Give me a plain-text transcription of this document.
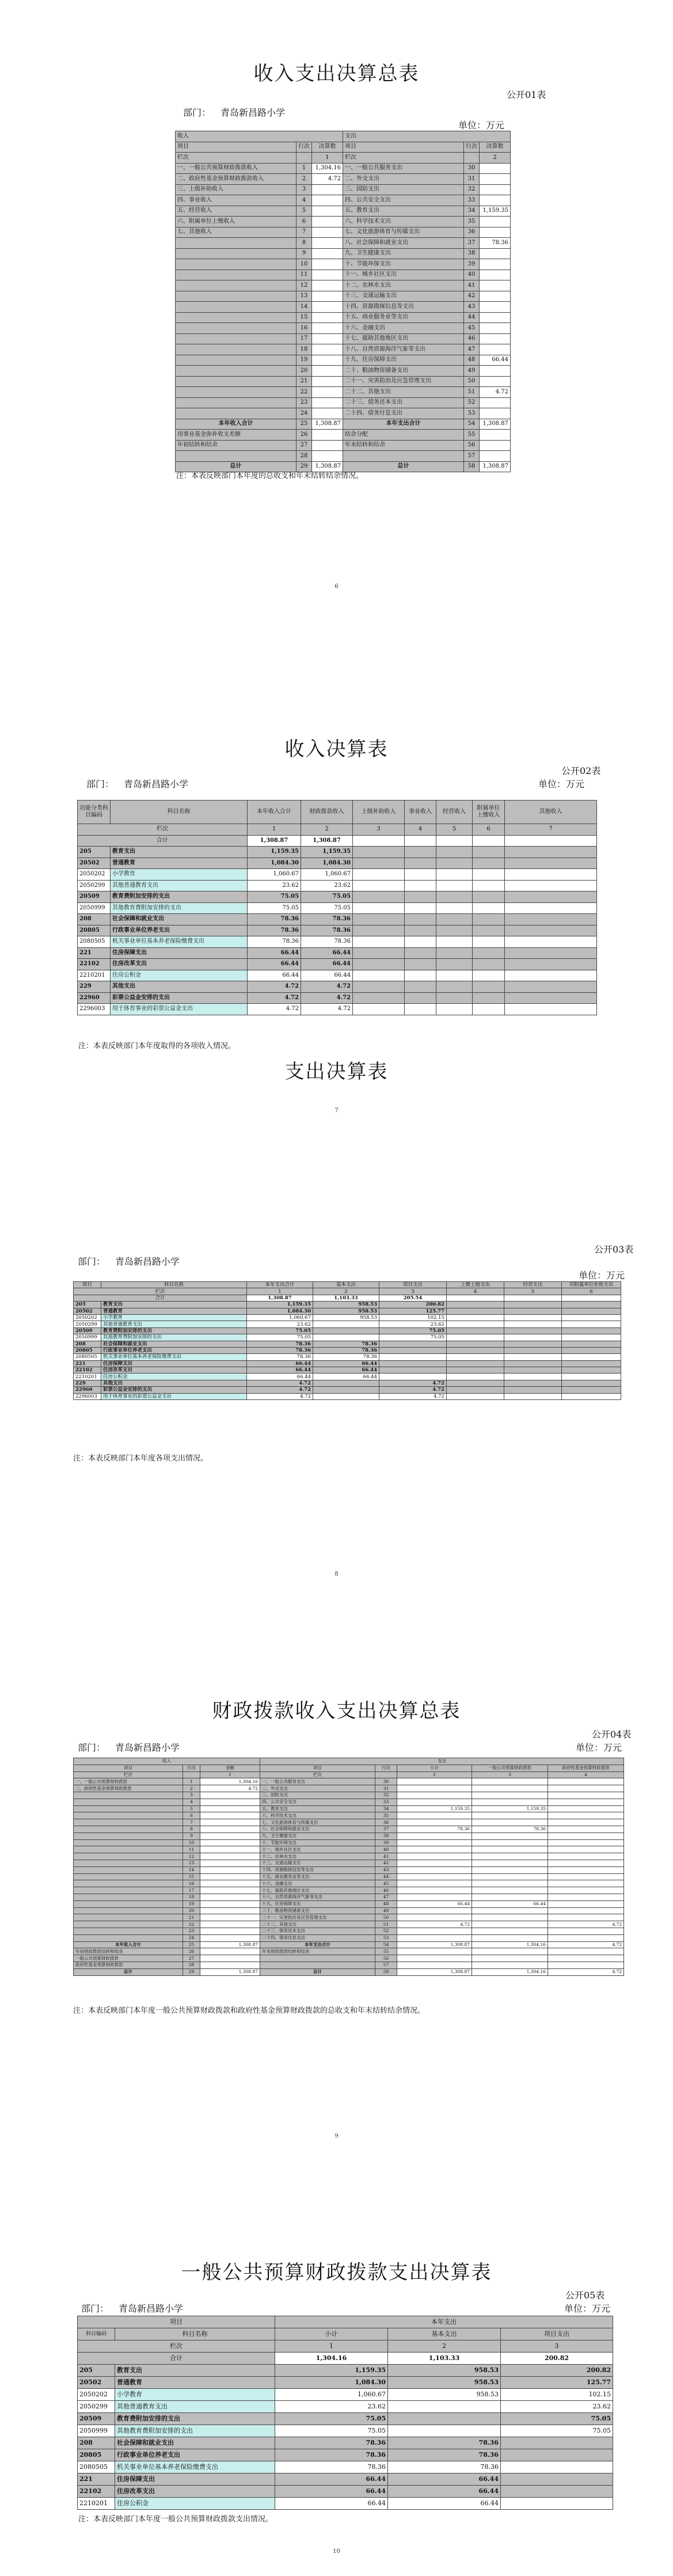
收入支出决算总表
公开01表
部门： 青岛新昌路小学
单位：万元
收入			支出		
项目	行次	决算数	项目	行次	决算数
栏次		1	栏次		2
一、一般公共预算财政拨款收入	1	1,304.16	一、一般公共服务支出	30	
二、政府性基金预算财政拨款收入	2	4.72	二、外交支出	31	
三、上级补助收入	3		三、国防支出	32	
四、事业收入	4		四、公共安全支出	33	
五、经营收入	5		五、教育支出	34	1,159.35
六、附属单位上缴收入	6		六、科学技术支出	35	
七、其他收入	7		七、文化旅游体育与传媒支出	36	
	8		八、社会保障和就业支出	37	78.36
	9		九、卫生健康支出	38	
	10		十、节能环保支出	39	
	11		十一、城乡社区支出	40	
	12		十二、农林水支出	41	
	13		十三、交通运输支出	42	
	14		十四、资源勘探信息等支出	43	
	15		十五、商业服务业等支出	44	
	16		十六、金融支出	45	
	17		十七、援助其他地区支出	46	
	18		十八、自然资源海洋气象等支出	47	
	19		十九、住房保障支出	48	66.44
	20		二十、粮油物资储备支出	49	
	21		二十一、灾害防治及应急管理支出	50	
	22		二十二、其他支出	51	4.72
	23		二十三、债务还本支出	52	
	24		二十四、债务付息支出	53	
本年收入合计	25	1,308.87	本年支出合计	54	1,308.87
用事业基金弥补收支差额	26		结余分配	55	
年初结转和结余	27		年末结转和结余	56	
	28			57	
总计	29	1,308.87	总计	58	1,308.87
注：本表反映部门本年度的总收支和年末结转结余情况。
6
收入决算表
公开02表
部门： 青岛新昌路小学	单位：万元
功能分类科目编码	科目名称	本年收入合计	财政拨款收入	上级补助收入	事业收入	经营收入	附属单位上缴收入	其他收入
栏次		1	2	3	4	5	6	7
合计		1,308.87	1,308.87					
205	教育支出	1,159.35	1,159.35					
20502	普通教育	1,084.30	1,084.30					
2050202	小学教育	1,060.67	1,060.67					
2050299	其他普通教育支出	23.62	23.62					
20509	教育费附加安排的支出	75.05	75.05					
2050999	其他教育费附加安排的支出	75.05	75.05					
208	社会保障和就业支出	78.36	78.36					
20805	行政事业单位养老支出	78.36	78.36					
2080505	机关事业单位基本养老保险缴费支出	78.36	78.36					
221	住房保障支出	66.44	66.44					
22102	住房改革支出	66.44	66.44					
2210201	住房公积金	66.44	66.44					
229	其他支出	4.72	4.72					
22960	彩票公益金安排的支出	4.72	4.72					
2296003	用于体育事业的彩票公益金支出	4.72	4.72					
注：本表反映部门本年度取得的各项收入情况。
支出决算表
7
公开03表
部门： 青岛新昌路小学
单位：万元
项目	科目名称	本年支出合计	基本支出	项目支出	上缴上级支出	经营支出	对附属单位补助支出
栏次		1	2	3	4	5	6
合计		1,308.87	1,103.33	205.54			
205	教育支出	1,159.35	958.53	200.82			
20502	普通教育	1,084.30	958.53	125.77			
2050202	小学教育	1,060.67	958.53	102.15			
2050299	其他普通教育支出	23.62		23.62			
20509	教育费附加安排的支出	75.05		75.05			
2050999	其他教育费附加安排的支出	75.05		75.05			
208	社会保障和就业支出	78.36	78.36				
20805	行政事业单位养老支出	78.36	78.36				
2080505	机关事业单位基本养老保险缴费支出	78.36	78.36				
221	住房保障支出	66.44	66.44				
22102	住房改革支出	66.44	66.44				
2210201	住房公积金	66.44	66.44				
229	其他支出	4.72		4.72			
22960	彩票公益金安排的支出	4.72		4.72			
2296003	用于体育事业的彩票公益金支出	4.72		4.72			
注：本表反映部门本年度各项支出情况。
8
财政拨款收入支出决算总表
公开04表
部门： 青岛新昌路小学	单位：万元
收入			支出				
项目	行次	金额	项目	行次	小计	一般公共预算财政拨款	政府性基金预算财政拨款
栏次		1	栏次		2	3	4
一、一般公共预算财政拨款	1	1,304.16	一、一般公共服务支出	30			
二、政府性基金预算财政拨款	2	4.72	二、外交支出	31			
	3		三、国防支出	32			
	4		四、公共安全支出	33			
	5		五、教育支出	34	1,159.35	1,159.35	
	6		六、科学技术支出	35			
	7		七、文化旅游体育与传媒支出	36			
	8		八、社会保障和就业支出	37	78.36	78.36	
	9		九、卫生健康支出	38			
	10		十、节能环保支出	39			
	11		十一、城乡社区支出	40			
	12		十二、农林水支出	41			
	13		十三、交通运输支出	42			
	14		十四、资源勘探信息等支出	43			
	15		十五、商业服务业等支出	44			
	16		十六、金融支出	45			
	17		十七、援助其他地区支出	46			
	18		十八、自然资源海洋气象等支出	47			
	19		十九、住房保障支出	48	66.44	66.44	
	20		二十、粮油物资储备支出	49			
	21		二十一、灾害防治及应急管理支出	50			
	22		二十二、其他支出	51	4.72		4.72
	23		二十三、债务还本支出	52			
	24		二十四、债务付息支出	53			
本年收入合计	25	1,308.87	本年支出合计	54	1,308.87	1,304.16	4.72
年初财政拨款结转和结余	26		年末财政拨款结转和结余	55			
一般公共预算财政拨款	27			56			
政府性基金预算财政拨款	28			57			
总计	29	1,308.87	总计	58	1,308.87	1,304.16	4.72
注：本表反映部门本年度一般公共预算财政拨款和政府性基金预算财政拨款的总收支和年末结转结余情况。
9
一般公共预算财政拨款支出决算表
公开05表
部门： 青岛新昌路小学	单位：万元
项目		本年支出		
科目编码	科目名称	小计	基本支出	项目支出
栏次		1	2	3
合计		1,304.16	1,103.33	200.82
205	教育支出	1,159.35	958.53	200.82
20502	普通教育	1,084.30	958.53	125.77
2050202	小学教育	1,060.67	958.53	102.15
2050299	其他普通教育支出	23.62		23.62
20509	教育费附加安排的支出	75.05		75.05
2050999	其他教育费附加安排的支出	75.05		75.05
208	社会保障和就业支出	78.36	78.36	
20805	行政事业单位养老支出	78.36	78.36	
2080505	机关事业单位基本养老保险缴费支出	78.36	78.36	
221	住房保障支出	66.44	66.44	
22102	住房改革支出	66.44	66.44	
2210201	住房公积金	66.44	66.44	
注：本表反映部门本年度一般公共预算财政拨款支出情况。
10
